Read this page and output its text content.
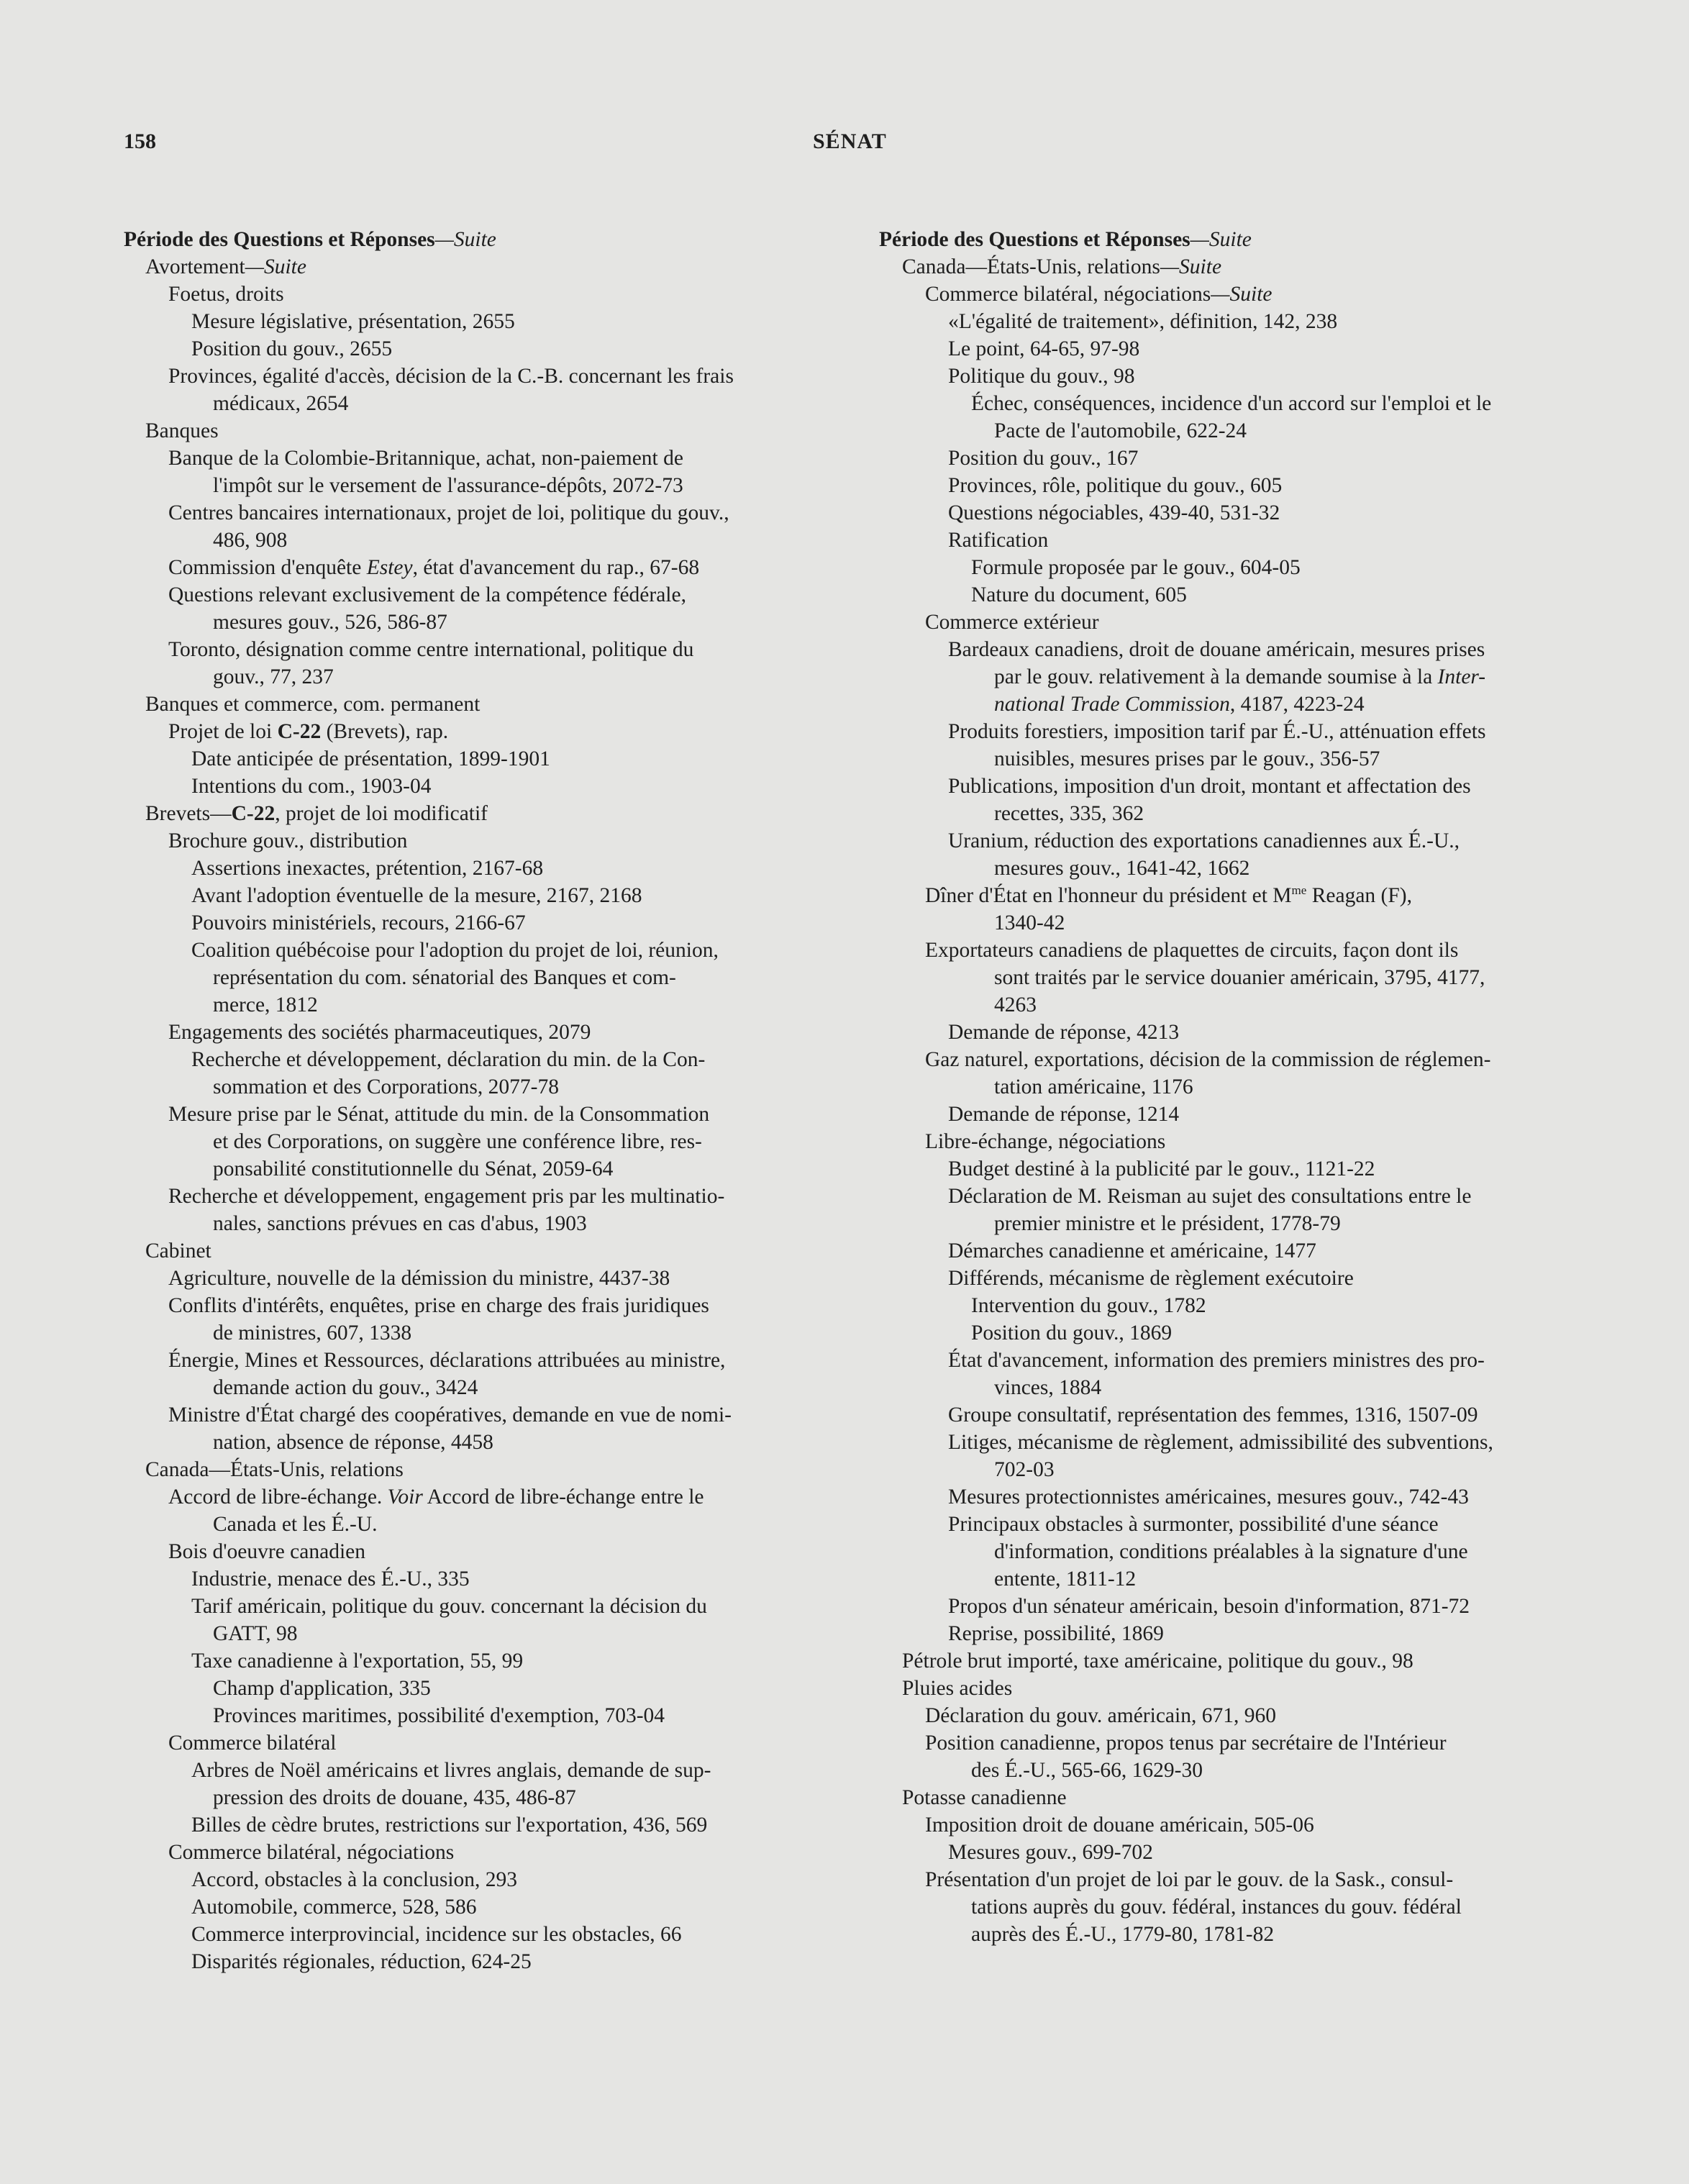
158	SÉNAT
Période des Questions et Réponses—Suite
Avortement—Suite
Foetus, droits
Mesure législative, présentation, 2655
Position du gouv., 2655
Provinces, égalité d'accès, décision de la C.-B. concernant les frais
médicaux, 2654
Banques
Banque de la Colombie-Britannique, achat, non-paiement de
l'impôt sur le versement de l'assurance-dépôts, 2072-73
Centres bancaires internationaux, projet de loi, politique du gouv.,
486, 908
Commission d'enquête Estey, état d'avancement du rap., 67-68
Questions relevant exclusivement de la compétence fédérale,
mesures gouv., 526, 586-87
Toronto, désignation comme centre international, politique du
gouv., 77, 237
Banques et commerce, com. permanent
Projet de loi C-22 (Brevets), rap.
Date anticipée de présentation, 1899-1901
Intentions du com., 1903-04
Brevets—C-22, projet de loi modificatif
Brochure gouv., distribution
Assertions inexactes, prétention, 2167-68
Avant l'adoption éventuelle de la mesure, 2167, 2168
Pouvoirs ministériels, recours, 2166-67
Coalition québécoise pour l'adoption du projet de loi, réunion,
représentation du com. sénatorial des Banques et com-
merce, 1812
Engagements des sociétés pharmaceutiques, 2079
Recherche et développement, déclaration du min. de la Con-
sommation et des Corporations, 2077-78
Mesure prise par le Sénat, attitude du min. de la Consommation
et des Corporations, on suggère une conférence libre, res-
ponsabilité constitutionnelle du Sénat, 2059-64
Recherche et développement, engagement pris par les multinatio-
nales, sanctions prévues en cas d'abus, 1903
Cabinet
Agriculture, nouvelle de la démission du ministre, 4437-38
Conflits d'intérêts, enquêtes, prise en charge des frais juridiques
de ministres, 607, 1338
Énergie, Mines et Ressources, déclarations attribuées au ministre,
demande action du gouv., 3424
Ministre d'État chargé des coopératives, demande en vue de nomi-
nation, absence de réponse, 4458
Canada—États-Unis, relations
Accord de libre-échange. Voir Accord de libre-échange entre le
Canada et les É.-U.
Bois d'oeuvre canadien
Industrie, menace des É.-U., 335
Tarif américain, politique du gouv. concernant la décision du
GATT, 98
Taxe canadienne à l'exportation, 55, 99
Champ d'application, 335
Provinces maritimes, possibilité d'exemption, 703-04
Commerce bilatéral
Arbres de Noël américains et livres anglais, demande de sup-
pression des droits de douane, 435, 486-87
Billes de cèdre brutes, restrictions sur l'exportation, 436, 569
Commerce bilatéral, négociations
Accord, obstacles à la conclusion, 293
Automobile, commerce, 528, 586
Commerce interprovincial, incidence sur les obstacles, 66
Disparités régionales, réduction, 624-25
Période des Questions et Réponses—Suite
Canada—États-Unis, relations—Suite
Commerce bilatéral, négociations—Suite
«L'égalité de traitement», définition, 142, 238
Le point, 64-65, 97-98
Politique du gouv., 98
Échec, conséquences, incidence d'un accord sur l'emploi et le
Pacte de l'automobile, 622-24
Position du gouv., 167
Provinces, rôle, politique du gouv., 605
Questions négociables, 439-40, 531-32
Ratification
Formule proposée par le gouv., 604-05
Nature du document, 605
Commerce extérieur
Bardeaux canadiens, droit de douane américain, mesures prises
par le gouv. relativement à la demande soumise à la Inter-
national Trade Commission, 4187, 4223-24
Produits forestiers, imposition tarif par É.-U., atténuation effets
nuisibles, mesures prises par le gouv., 356-57
Publications, imposition d'un droit, montant et affectation des
recettes, 335, 362
Uranium, réduction des exportations canadiennes aux É.-U.,
mesures gouv., 1641-42, 1662
Dîner d'État en l'honneur du président et $M^{me}$ Reagan (F),
1340-42
Exportateurs canadiens de plaquettes de circuits, façon dont ils
sont traités par le service douanier américain, 3795, 4177,
4263
Demande de réponse, 4213
Gaz naturel, exportations, décision de la commission de réglemen-
tation américaine, 1176
Demande de réponse, 1214
Libre-échange, négociations
Budget destiné à la publicité par le gouv., 1121-22
Déclaration de M. Reisman au sujet des consultations entre le
premier ministre et le président, 1778-79
Démarches canadienne et américaine, 1477
Différends, mécanisme de règlement exécutoire
Intervention du gouv., 1782
Position du gouv., 1869
État d'avancement, information des premiers ministres des pro-
vinces, 1884
Groupe consultatif, représentation des femmes, 1316, 1507-09
Litiges, mécanisme de règlement, admissibilité des subventions,
702-03
Mesures protectionnistes américaines, mesures gouv., 742-43
Principaux obstacles à surmonter, possibilité d'une séance
d'information, conditions préalables à la signature d'une
entente, 1811-12
Propos d'un sénateur américain, besoin d'information, 871-72
Reprise, possibilité, 1869
Pétrole brut importé, taxe américaine, politique du gouv., 98
Pluies acides
Déclaration du gouv. américain, 671, 960
Position canadienne, propos tenus par secrétaire de l'Intérieur
des É.-U., 565-66, 1629-30
Potasse canadienne
Imposition droit de douane américain, 505-06
Mesures gouv., 699-702
Présentation d'un projet de loi par le gouv. de la Sask., consul-
tations auprès du gouv. fédéral, instances du gouv. fédéral
auprès des É.-U., 1779-80, 1781-82
